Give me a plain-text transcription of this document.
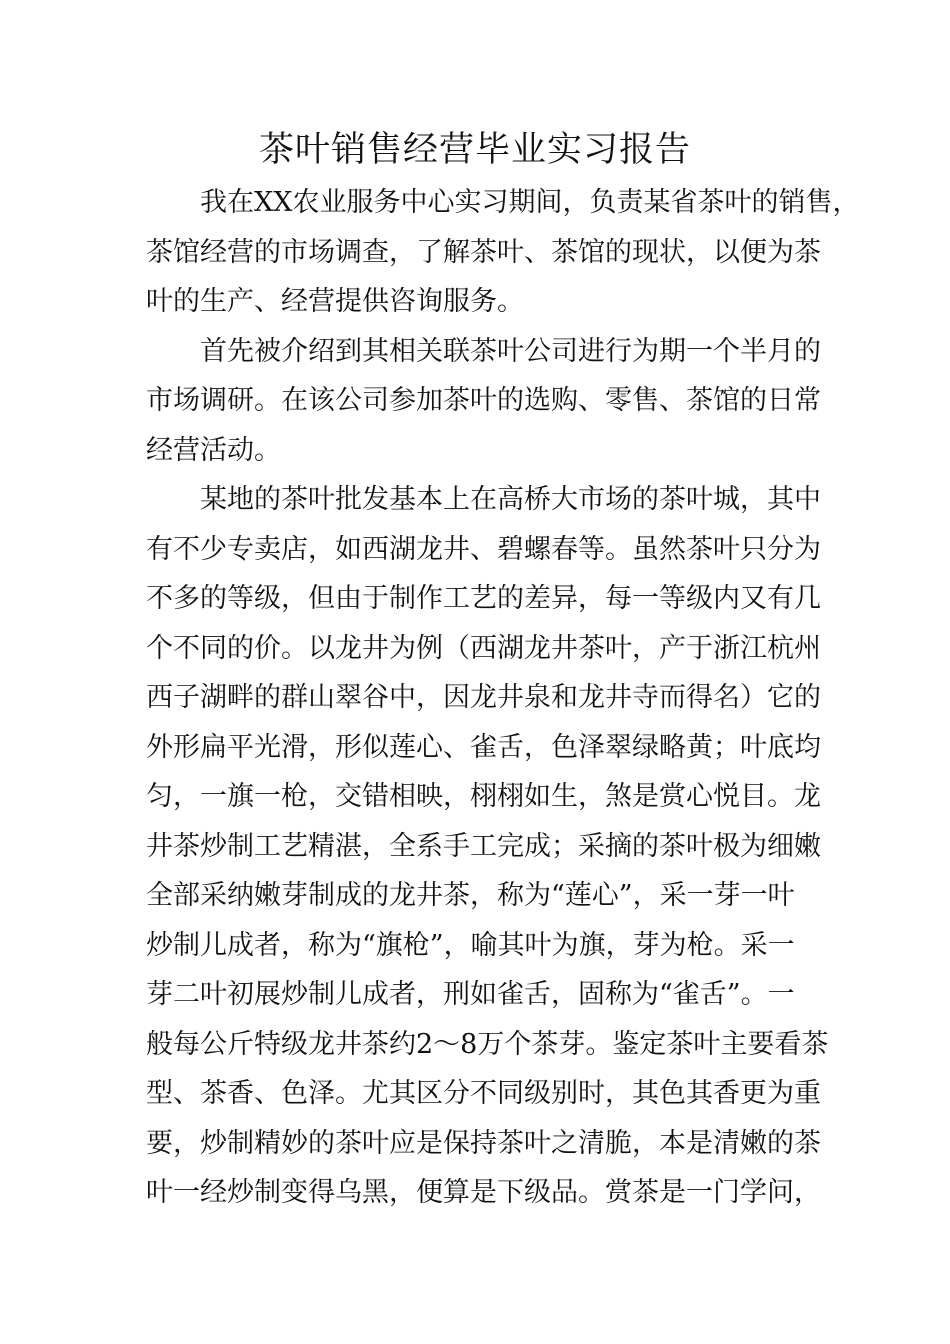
茶叶销售经营毕业实习报告
我在XX农业服务中心实习期间，负责某省茶叶的销售，
茶馆经营的市场调查，了解茶叶、茶馆的现状，以便为茶
叶的生产、经营提供咨询服务。
首先被介绍到其相关联茶叶公司进行为期一个半月的
市场调研。在该公司参加茶叶的选购、零售、茶馆的日常
经营活动。
某地的茶叶批发基本上在高桥大市场的茶叶城，其中
有不少专卖店，如西湖龙井、碧螺春等。虽然茶叶只分为
不多的等级，但由于制作工艺的差异，每一等级内又有几
个不同的价。以龙井为例（西湖龙井茶叶，产于浙江杭州
西子湖畔的群山翠谷中，因龙井泉和龙井寺而得名）它的
外形扁平光滑，形似莲心、雀舌，色泽翠绿略黄；叶底均
匀，一旗一枪，交错相映，栩栩如生，煞是赏心悦目。龙
井茶炒制工艺精湛，全系手工完成；采摘的茶叶极为细嫩
全部采纳嫩芽制成的龙井茶，称为“莲心”，采一芽一叶
炒制儿成者，称为“旗枪”，喻其叶为旗，芽为枪。采一
芽二叶初展炒制儿成者，刑如雀舌，固称为“雀舌”。一
般每公斤特级龙井茶约2～8万个茶芽。鉴定茶叶主要看茶
型、茶香、色泽。尤其区分不同级别时，其色其香更为重
要，炒制精妙的茶叶应是保持茶叶之清脆，本是清嫩的茶
叶一经炒制变得乌黑，便算是下级品。赏茶是一门学问，
